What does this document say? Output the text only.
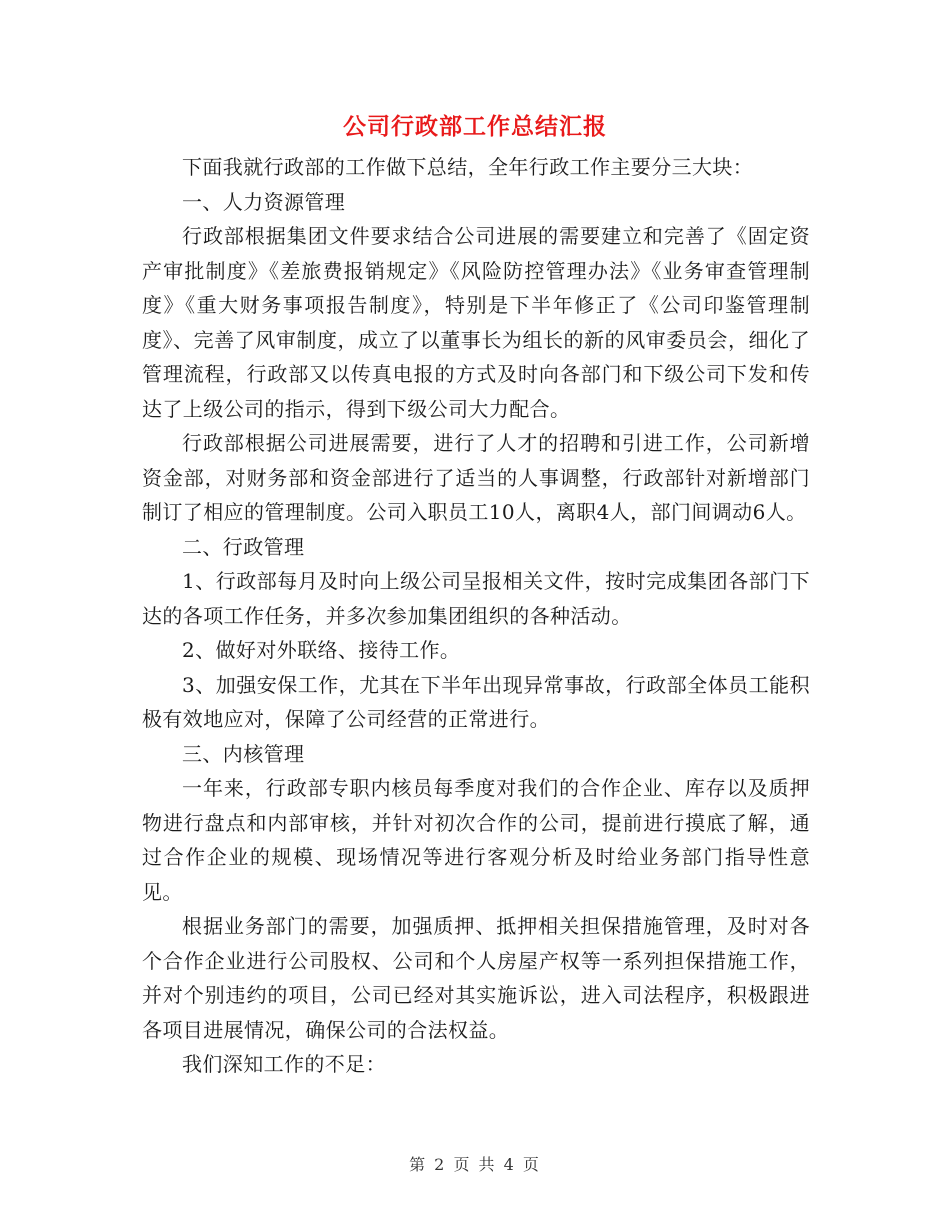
公司行政部工作总结汇报

下面我就行政部的工作做下总结，全年行政工作主要分三大块：

一、人力资源管理

行政部根据集团文件要求结合公司进展的需要建立和完善了《固定资产审批制度》《差旅费报销规定》《风险防控管理办法》《业务审查管理制度》《重大财务事项报告制度》，特别是下半年修正了《公司印鉴管理制度》、完善了风审制度，成立了以董事长为组长的新的风审委员会，细化了管理流程，行政部又以传真电报的方式及时向各部门和下级公司下发和传达了上级公司的指示，得到下级公司大力配合。

行政部根据公司进展需要，进行了人才的招聘和引进工作，公司新增资金部，对财务部和资金部进行了适当的人事调整，行政部针对新增部门制订了相应的管理制度。公司入职员工10人，离职4人，部门间调动6人。

二、行政管理

1、行政部每月及时向上级公司呈报相关文件，按时完成集团各部门下达的各项工作任务，并多次参加集团组织的各种活动。

2、做好对外联络、接待工作。

3、加强安保工作，尤其在下半年出现异常事故，行政部全体员工能积极有效地应对，保障了公司经营的正常进行。

三、内核管理

一年来，行政部专职内核员每季度对我们的合作企业、库存以及质押物进行盘点和内部审核，并针对初次合作的公司，提前进行摸底了解，通过合作企业的规模、现场情况等进行客观分析及时给业务部门指导性意见。

根据业务部门的需要，加强质押、抵押相关担保措施管理，及时对各个合作企业进行公司股权、公司和个人房屋产权等一系列担保措施工作，并对个别违约的项目，公司已经对其实施诉讼，进入司法程序，积极跟进各项目进展情况，确保公司的合法权益。

我们深知工作的不足：

第 2 页 共 4 页
